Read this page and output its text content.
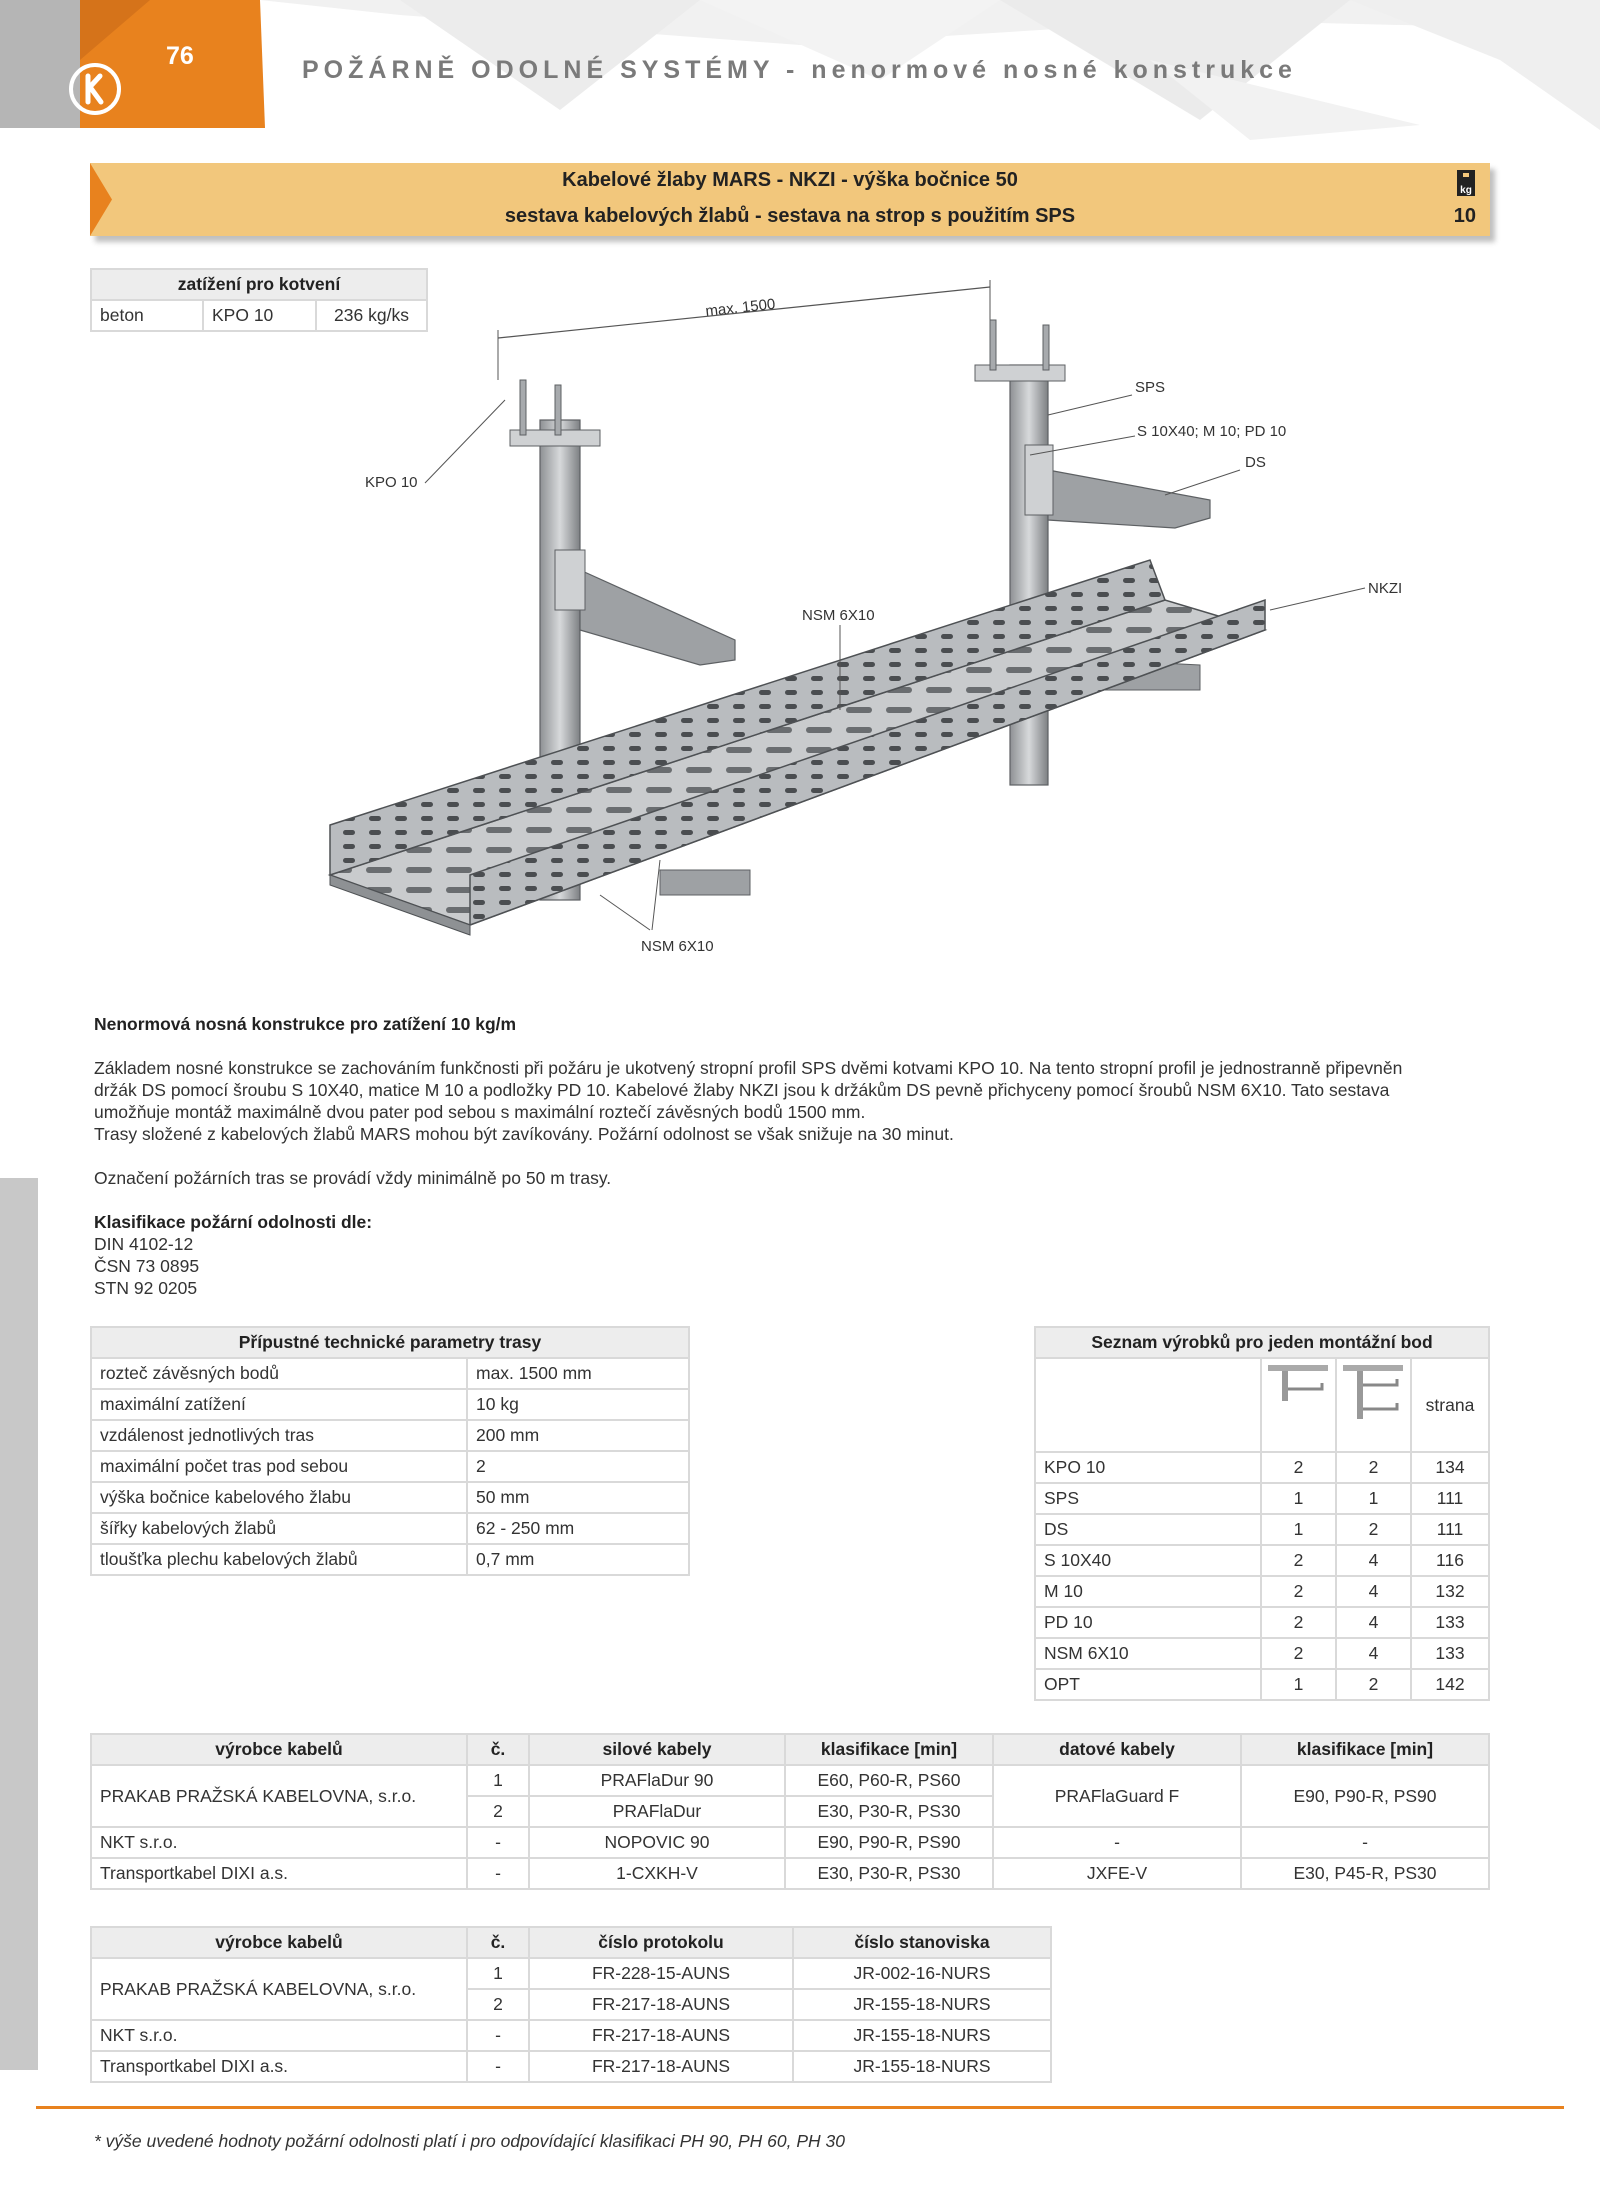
76	POŽÁRNĚ ODOLNÉ SYSTÉMY - nenormové nosné konstrukce
Kabelové žlaby MARS - NKZI - výška bočnice 50
sestava kabelových žlabů - sestava na strop s použitím SPS
kg
10
zatížení pro kotvení
beton	KPO 10	236 kg/ks	max. 1500
SPS
S 10X40; M 10; PD 10
DS
KPO 10
NKZI
NSM 6X10
NSM 6X10
Nenormová nosná konstrukce pro zatížení 10 kg/m
Základem nosné konstrukce se zachováním funkčnosti při požáru je ukotvený stropní profil SPS dvěmi kotvami KPO 10. Na tento stropní profil je jednostranně připevněn
držák DS pomocí šroubu S 10X40, matice M 10 a podložky PD 10. Kabelové žlaby NKZI jsou k držákům DS pevně přichyceny pomocí šroubů NSM 6X10. Tato sestava
umožňuje montáž maximálně dvou pater pod sebou s maximální roztečí závěsných bodů 1500 mm.
Trasy složené z kabelových žlabů MARS mohou být zavíkovány. Požární odolnost se však snižuje na 30 minut.
Označení požárních tras se provádí vždy minimálně po 50 m trasy.
Klasifikace požární odolnosti dle:
DIN 4102-12
ČSN 73 0895
STN 92 0205
Přípustné technické parametry trasy	
rozteč závěsných bodů	max. 1500 mm
maximální zatížení	10 kg
vzdálenost jednotlivých tras	200 mm
maximální počet tras pod sebou	2
výška bočnice kabelového žlabu	50 mm
šířky kabelových žlabů	62 - 250 mm
tloušťka plechu kabelových žlabů	0,7 mm
Seznam výrobků pro jeden montážní bod			
			strana
KPO 10	2	2	134
SPS	1	1	111
DS	1	2	111
S 10X40	2	4	116
M 10	2	4	132
PD 10	2	4	133
NSM 6X10	2	4	133
OPT	1	2	142
výrobce kabelů	č.	silové kabely	klasifikace [min]	datové kabely	klasifikace [min]
PRAKAB PRAŽSKÁ KABELOVNA, s.r.o.	1	PRAFlaDur 90	E60, P60-R, PS60	PRAFlaGuard F	E90, P90-R, PS90
	2	PRAFlaDur	E30, P30-R, PS30		
NKT s.r.o.	-	NOPOVIC 90	E90, P90-R, PS90	-	-
Transportkabel DIXI a.s.	-	1-CXKH-V	E30, P30-R, PS30	JXFE-V	E30, P45-R, PS30
výrobce kabelů	č.	číslo protokolu	číslo stanoviska
PRAKAB PRAŽSKÁ KABELOVNA, s.r.o.	1	FR-228-15-AUNS	JR-002-16-NURS
	2	FR-217-18-AUNS	JR-155-18-NURS
NKT s.r.o.	-	FR-217-18-AUNS	JR-155-18-NURS
Transportkabel DIXI a.s.	-	FR-217-18-AUNS	JR-155-18-NURS
* výše uvedené hodnoty požární odolnosti platí i pro odpovídající klasifikaci PH 90, PH 60, PH 30
